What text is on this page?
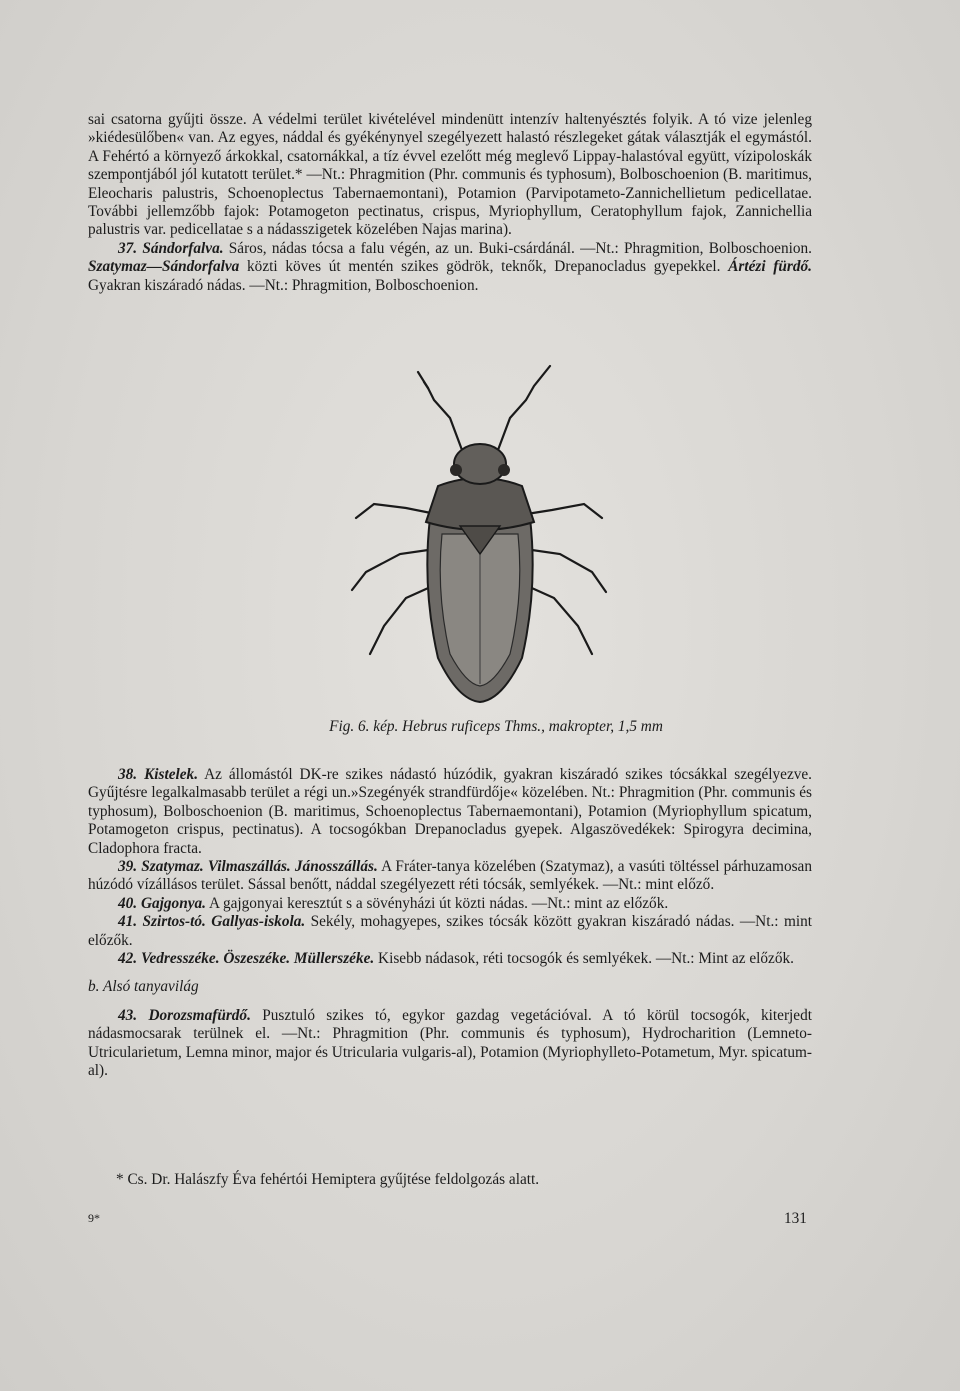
sai csatorna gyűjti össze. A védelmi terület kivételével mindenütt intenzív haltenyésztés folyik. A tó vize jelenleg »kiédesülőben« van. Az egyes, náddal és gyékénynyel szegélyezett halastó részlegeket gátak választják el egymástól. A Fehértó a környező árkokkal, csatornákkal, a tíz évvel ezelőtt még meglevő Lippay-halastóval együtt, vízipoloskák szempontjából jól kutatott terület.* —Nt.: Phragmition (Phr. communis és typhosum), Bolboschoenion (B. maritimus, Eleocharis palustris, Schoenoplectus Tabernaemontani), Potamion (Parvipotameto-Zannichellietum pedicellatae. További jellemzőbb fajok: Potamogeton pectinatus, crispus, Myriophyllum, Ceratophyllum fajok, Zannichellia palustris var. pedicellatae s a nádasszigetek közelében Najas marina).

37. Sándorfalva. Sáros, nádas tócsa a falu végén, az un. Buki-csárdánál. —Nt.: Phragmition, Bolboschoenion. Szatymaz—Sándorfalva közti köves út mentén szikes gödrök, teknők, Drepanocladus gyepekkel. Ártézi fürdő. Gyakran kiszáradó nádas. —Nt.: Phragmition, Bolboschoenion.

Fig. 6. kép. Hebrus ruficeps Thms., makropter, 1,5 mm

38. Kistelek. Az állomástól DK-re szikes nádastó húzódik, gyakran kiszáradó szikes tócsákkal szegélyezve. Gyűjtésre legalkalmasabb terület a régi un.»Szegényék strandfürdője« közelében. Nt.: Phragmition (Phr. communis és typhosum), Bolboschoenion (B. maritimus, Schoenoplectus Tabernaemontani), Potamion (Myriophyllum spicatum, Potamogeton crispus, pectinatus). A tocsogókban Drepanocladus gyepek. Algaszövedékek: Spirogyra decimina, Cladophora fracta.

39. Szatymaz. Vilmaszállás. Jánosszállás. A Fráter-tanya közelében (Szatymaz), a vasúti töltéssel párhuzamosan húzódó vízállásos terület. Sással benőtt, náddal szegélyezett réti tócsák, semlyékek. —Nt.: mint előző.

40. Gajgonya. A gajgonyai keresztút s a sövényházi út közti nádas. —Nt.: mint az előzők.

41. Szirtos-tó. Gallyas-iskola. Sekély, mohagyepes, szikes tócsák között gyakran kiszáradó nádas. —Nt.: mint előzők.

42. Vedresszéke. Öszeszéke. Müllerszéke. Kisebb nádasok, réti tocsogók és semlyékek. —Nt.: Mint az előzők.

b. Alsó tanyavilág

43. Dorozsmafürdő. Pusztuló szikes tó, egykor gazdag vegetációval. A tó körül tocsogók, kiterjedt nádasmocsarak terülnek el. —Nt.: Phragmition (Phr. communis és typhosum), Hydrocharition (Lemneto-Utricularietum, Lemna minor, major és Utricularia vulgaris-al), Potamion (Myriophylleto-Potametum, Myr. spicatum-al).

* Cs. Dr. Halászfy Éva fehértói Hemiptera gyűjtése feldolgozás alatt.
9*	131
